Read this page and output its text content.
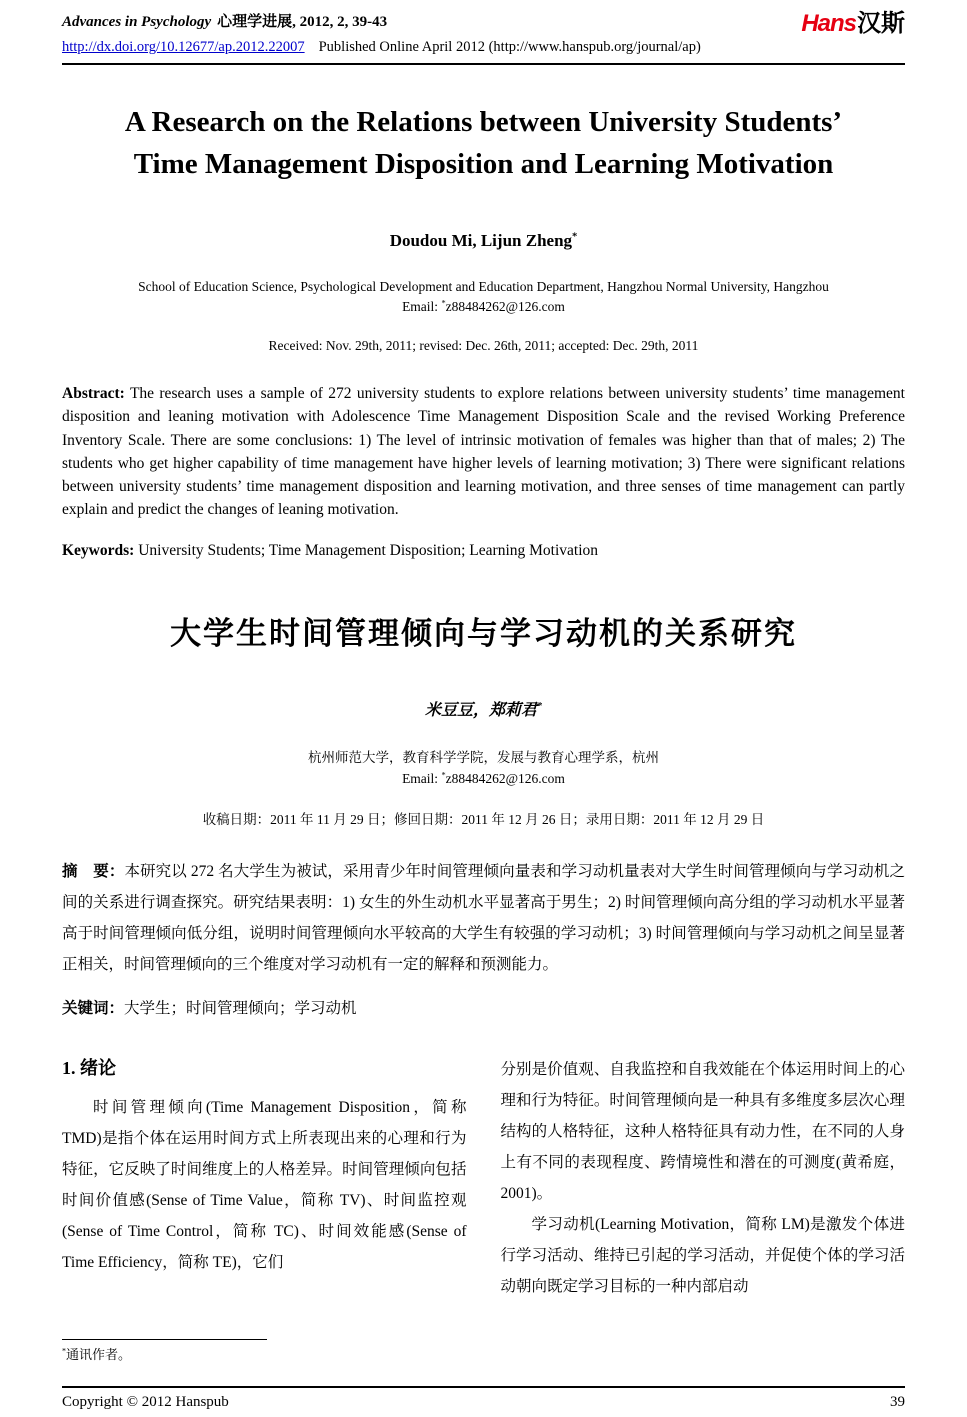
Advances in Psychology 心理学进展, 2012, 2, 39-43	Hans汉斯
http://dx.doi.org/10.12677/ap.2012.22007 Published Online April 2012 (http://www.hanspub.org/journal/ap)
A Research on the Relations between University Students’
Time Management Disposition and Learning Motivation
Doudou Mi, Lijun Zheng*
School of Education Science, Psychological Development and Education Department, Hangzhou Normal University, Hangzhou
Email: *z88484262@126.com
Received: Nov. 29th, 2011; revised: Dec. 26th, 2011; accepted: Dec. 29th, 2011

Abstract: The research uses a sample of 272 university students to explore relations between university students’ time management disposition and leaning motivation with Adolescence Time Management Disposition Scale and the revised Working Preference Inventory Scale. There are some conclusions: 1) The level of intrinsic motivation of females was higher than that of males; 2) The students who get higher capability of time management have higher levels of learning motivation; 3) There were significant relations between university students’ time management disposition and learning motivation, and three senses of time management can partly explain and predict the changes of leaning motivation.

Keywords: University Students; Time Management Disposition; Learning Motivation

大学生时间管理倾向与学习动机的关系研究
米豆豆，郑莉君*
杭州师范大学，教育科学学院，发展与教育心理学系，杭州
Email: *z88484262@126.com
收稿日期：2011 年 11 月 29 日；修回日期：2011 年 12 月 26 日；录用日期：2011 年 12 月 29 日

摘　要：本研究以 272 名大学生为被试，采用青少年时间管理倾向量表和学习动机量表对大学生时间管理倾向与学习动机之间的关系进行调查探究。研究结果表明：1) 女生的外生动机水平显著高于男生；2) 时间管理倾向高分组的学习动机水平显著高于时间管理倾向低分组，说明时间管理倾向水平较高的大学生有较强的学习动机；3) 时间管理倾向与学习动机之间呈显著正相关，时间管理倾向的三个维度对学习动机有一定的解释和预测能力。

关键词：大学生；时间管理倾向；学习动机

1. 绪论

时间管理倾向(Time Management Disposition，简称 TMD)是指个体在运用时间方式上所表现出来的心理和行为特征，它反映了时间维度上的人格差异。时间管理倾向包括时间价值感(Sense of Time Value，简称 TV)、时间监控观(Sense of Time Control，简称 TC)、时间效能感(Sense of Time Efficiency，简称 TE)，它们

分别是价值观、自我监控和自我效能在个体运用时间上的心理和行为特征。时间管理倾向是一种具有多维度多层次心理结构的人格特征，这种人格特征具有动力性，在不同的人身上有不同的表现程度、跨情境性和潜在的可测度(黄希庭，2001)。

学习动机(Learning Motivation，简称 LM)是激发个体进行学习活动、维持已引起的学习活动，并促使个体的学习活动朝向既定学习目标的一种内部启动

*通讯作者。
Copyright © 2012 Hanspub	39
